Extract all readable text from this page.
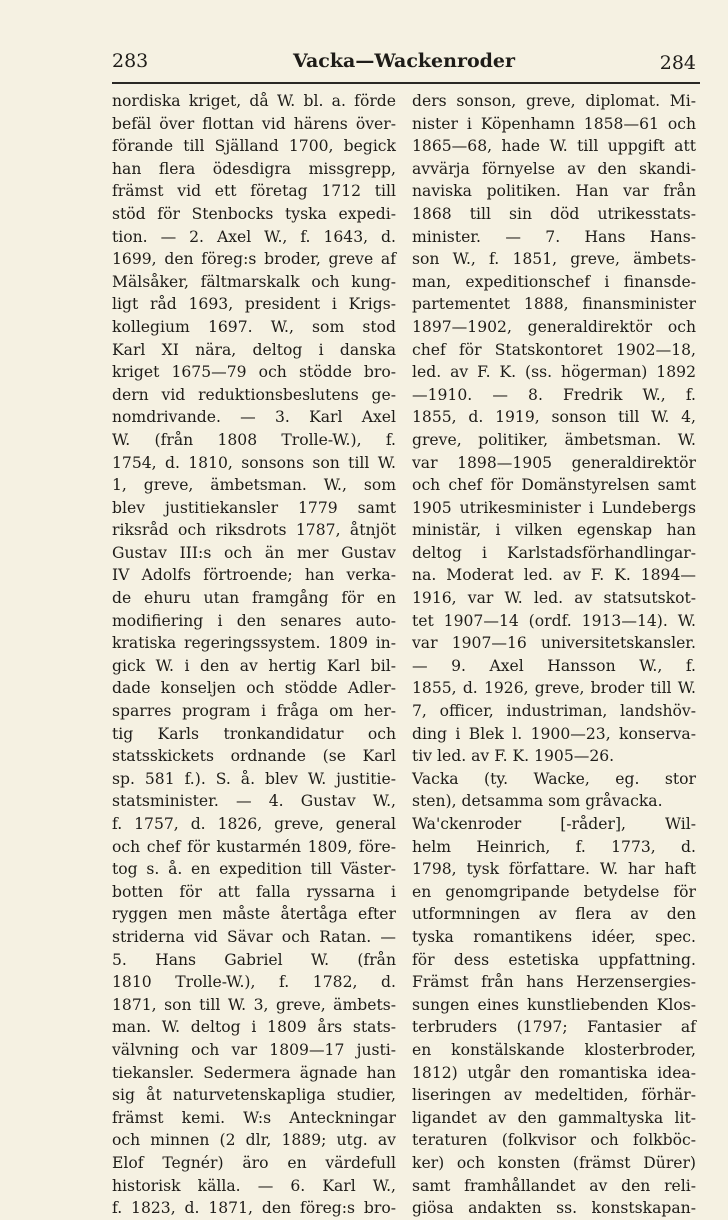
283	Vacka—Wackenroder	284
nordiska kriget, då W. bl. a. förde
befäl över flottan vid härens över-
förande till Själland 1700, begick
han flera ödesdigra missgrepp,
främst vid ett företag 1712 till
stöd för Stenbocks tyska expedi-
tion. — 2. Axel W., f. 1643, d.
1699, den föreg:s broder, greve af
Mälsåker, fältmarskalk och kung-
ligt råd 1693, president i Krigs-
kollegium 1697. W., som stod
Karl XI nära, deltog i danska
kriget 1675—79 och stödde bro-
dern vid reduktionsbeslutens ge-
nomdrivande. — 3. Karl Axel
W. (från 1808 Trolle-W.), f.
1754, d. 1810, sonsons son till W.
1, greve, ämbetsman. W., som
blev justitiekansler 1779 samt
riksråd och riksdrots 1787, åtnjöt
Gustav III:s och än mer Gustav
IV Adolfs förtroende; han verka-
de ehuru utan framgång för en
modifiering i den senares auto-
kratiska regeringssystem. 1809 in-
gick W. i den av hertig Karl bil-
dade konseljen och stödde Adler-
sparres program i fråga om her-
tig Karls tronkandidatur och
statsskickets ordnande (se Karl
sp. 581 f.). S. å. blev W. justitie-
statsminister. — 4. Gustav W.,
f. 1757, d. 1826, greve, general
och chef för kustarmén 1809, före-
tog s. å. en expedition till Väster-
botten för att falla ryssarna i
ryggen men måste återtåga efter
striderna vid Sävar och Ratan. —
5. Hans Gabriel W. (från
1810 Trolle-W.), f. 1782, d.
1871, son till W. 3, greve, ämbets-
man. W. deltog i 1809 års stats-
välvning och var 1809—17 justi-
tiekansler. Sedermera ägnade han
sig åt naturvetenskapliga studier,
främst kemi. W:s Anteckningar
och minnen (2 dlr, 1889; utg. av
Elof Tegnér) äro en värdefull
historisk källa. — 6. Karl W.,
f. 1823, d. 1871, den föreg:s bro-
ders sonson, greve, diplomat. Mi-
nister i Köpenhamn 1858—61 och
1865—68, hade W. till uppgift att
avvärja förnyelse av den skandi-
naviska politiken. Han var från
1868 till sin död utrikesstats-
minister. — 7. Hans Hans-
son W., f. 1851, greve, ämbets-
man, expeditionschef i finansde-
partementet 1888, finansminister
1897—1902, generaldirektör och
chef för Statskontoret 1902—18,
led. av F. K. (ss. högerman) 1892
—1910. — 8. Fredrik W., f.
1855, d. 1919, sonson till W. 4,
greve, politiker, ämbetsman. W.
var 1898—1905 generaldirektör
och chef för Domänstyrelsen samt
1905 utrikesminister i Lundebergs
ministär, i vilken egenskap han
deltog i Karlstadsförhandlingar-
na. Moderat led. av F. K. 1894—
1916, var W. led. av statsutskot-
tet 1907—14 (ordf. 1913—14). W.
var 1907—16 universitetskansler.
— 9. Axel Hansson W., f.
1855, d. 1926, greve, broder till W.
7, officer, industriman, landshöv-
ding i Blek l. 1900—23, konserva-
tiv led. av F. K. 1905—26.
Vacka (ty. Wacke, eg. stor
sten), detsamma som gråvacka.
Wa'ckenroder [-råder], Wil-
helm Heinrich, f. 1773, d.
1798, tysk författare. W. har haft
en genomgripande betydelse för
utformningen av flera av den
tyska romantikens idéer, spec.
för dess estetiska uppfattning.
Främst från hans Herzensergies-
sungen eines kunstliebenden Klos-
terbruders (1797; Fantasier af
en konstälskande klosterbroder,
1812) utgår den romantiska idea-
liseringen av medeltiden, förhär-
ligandet av den gammaltyska lit-
teraturen (folkvisor och folkböc-
ker) och konsten (främst Dürer)
samt framhållandet av den reli-
giösa andakten ss. konstskapan-
